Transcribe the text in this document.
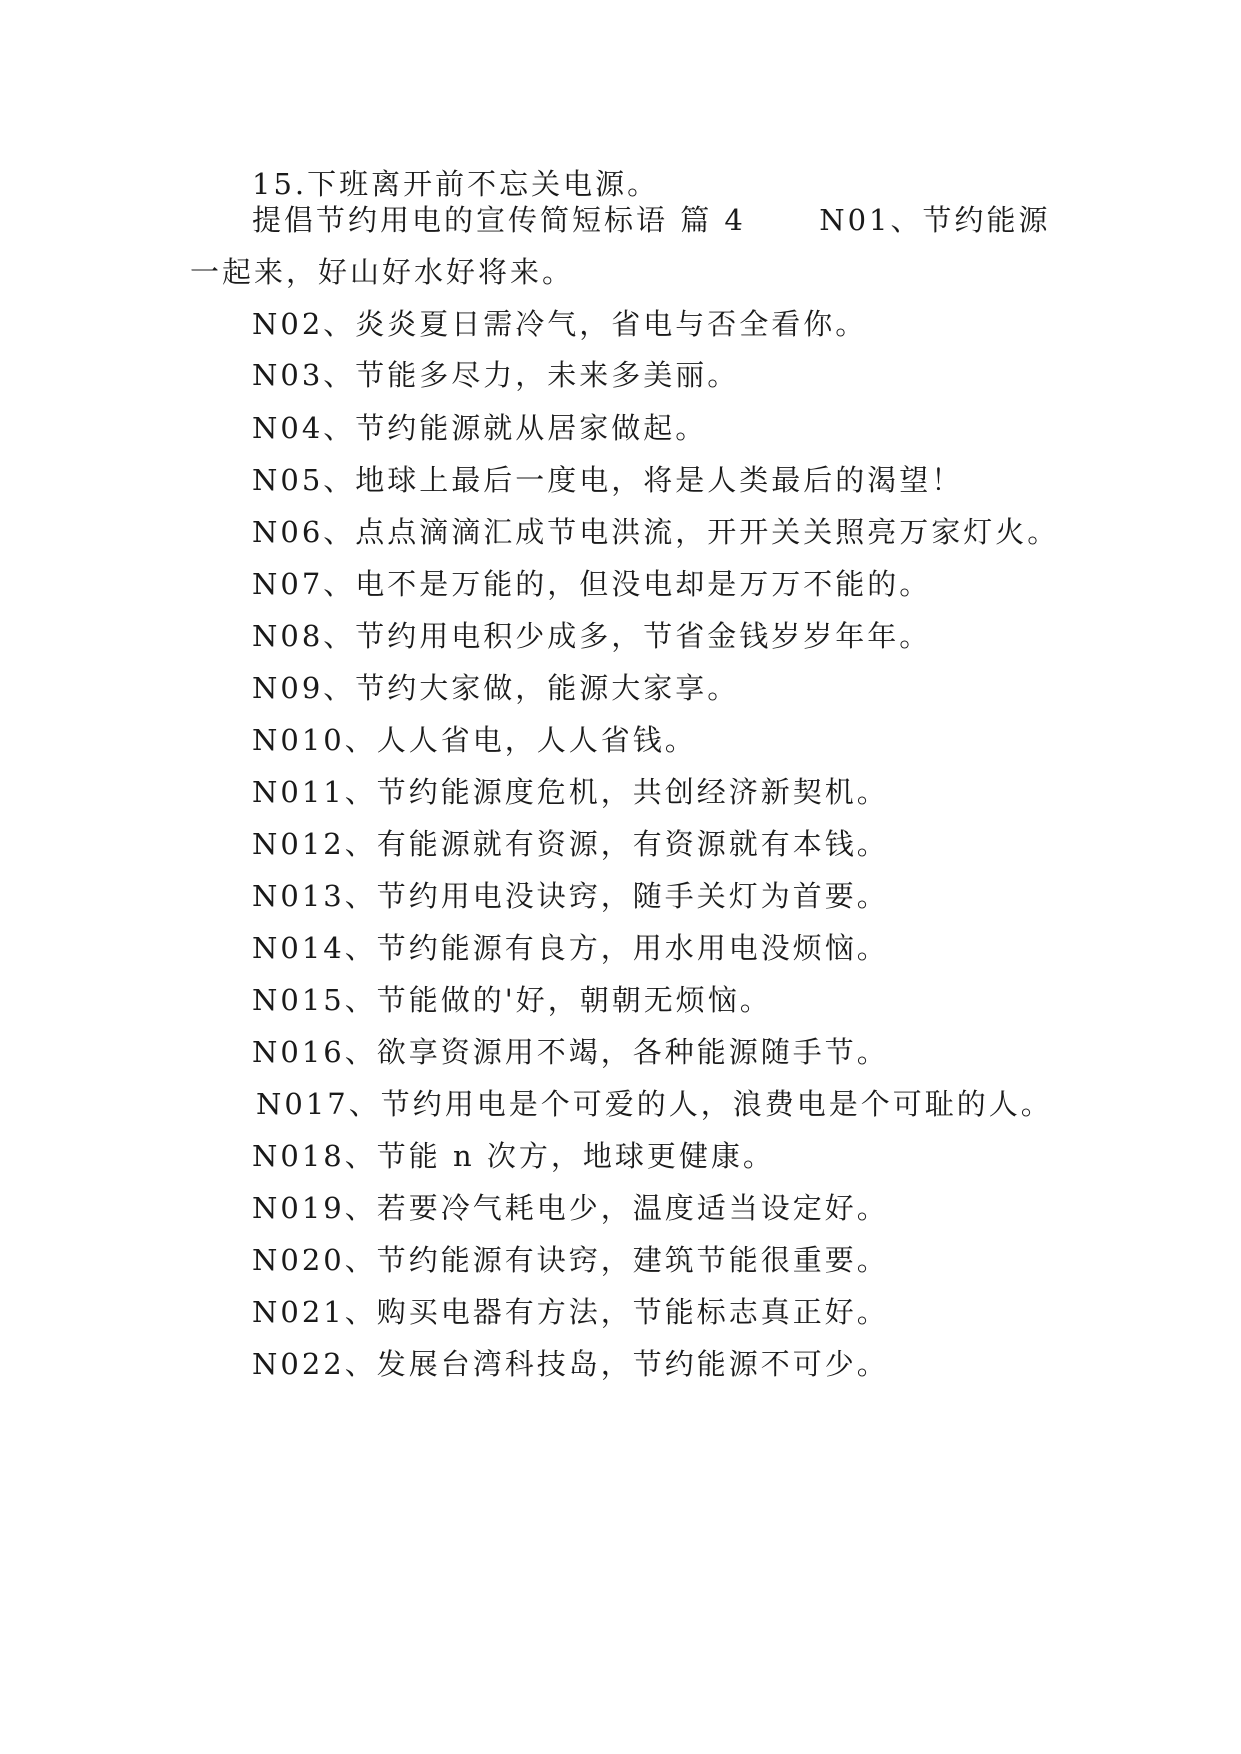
15.下班离开前不忘关电源。
提倡节约用电的宣传简短标语 篇 4      N01、节约能源
一起来，好山好水好将来。
N02、炎炎夏日需冷气，省电与否全看你。
N03、节能多尽力，未来多美丽。
N04、节约能源就从居家做起。
N05、地球上最后一度电，将是人类最后的渴望！
N06、点点滴滴汇成节电洪流，开开关关照亮万家灯火。
N07、电不是万能的，但没电却是万万不能的。
N08、节约用电积少成多，节省金钱岁岁年年。
N09、节约大家做，能源大家享。
N010、人人省电，人人省钱。
N011、节约能源度危机，共创经济新契机。
N012、有能源就有资源，有资源就有本钱。
N013、节约用电没诀窍，随手关灯为首要。
N014、节约能源有良方，用水用电没烦恼。
N015、节能做的'好，朝朝无烦恼。
N016、欲享资源用不竭，各种能源随手节。
N017、节约用电是个可爱的人，浪费电是个可耻的人。
N018、节能 n 次方，地球更健康。
N019、若要冷气耗电少，温度适当设定好。
N020、节约能源有诀窍，建筑节能很重要。
N021、购买电器有方法，节能标志真正好。
N022、发展台湾科技岛，节约能源不可少。
